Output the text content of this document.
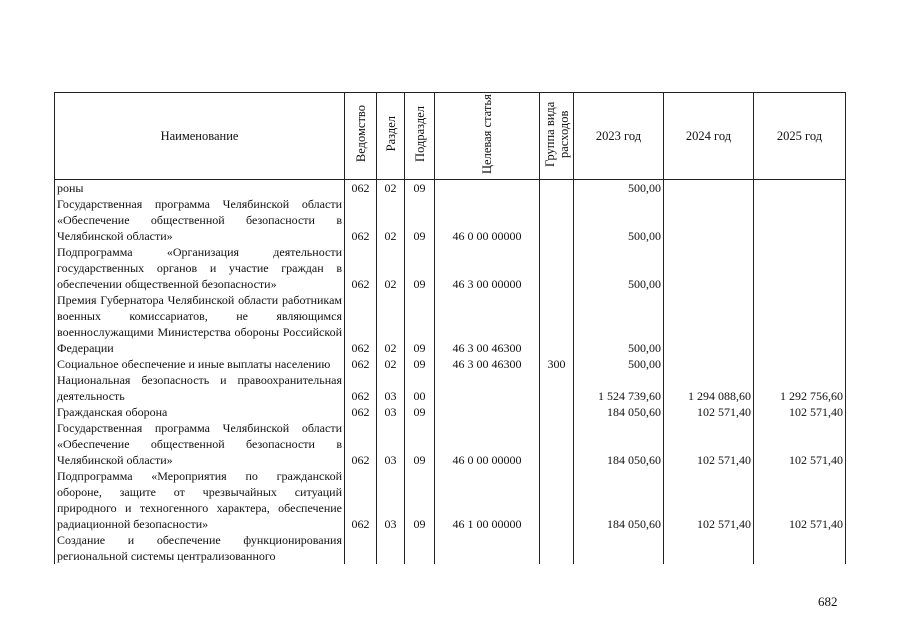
Наименование	Ведомство	Раздел	Подраздел	Целевая статья	Группа вида расходов	2023 год	2024 год	2025 год
роны	062	02	09			500,00		
Государственная программа Челябинской области «Обеспечение общественной безопасности в Челябинской области»	062	02	09	46 0 00 00000		500,00		
Подпрограмма «Организация деятельности государственных органов и участие граждан в обеспечении общественной безопасности»	062	02	09	46 3 00 00000		500,00		
Премия Губернатора Челябинской области работникам военных комиссариатов, не являющимся военнослужащими Министерства обороны Российской Федерации	062	02	09	46 3 00 46300		500,00		
Социальное обеспечение и иные выплаты населению	062	02	09	46 3 00 46300	300	500,00		
Национальная безопасность и правоохранительная деятельность	062	03	00			1 524 739,60	1 294 088,60	1 292 756,60
Гражданская оборона	062	03	09			184 050,60	102 571,40	102 571,40
Государственная программа Челябинской области «Обеспечение общественной безопасности в Челябинской области»	062	03	09	46 0 00 00000		184 050,60	102 571,40	102 571,40
Подпрограмма «Мероприятия по гражданской обороне, защите от чрезвычайных ситуаций природного и техногенного характера, обеспечение радиационной безопасности»	062	03	09	46 1 00 00000		184 050,60	102 571,40	102 571,40
Создание и обеспечение функционирования региональной системы централизованного								
682
